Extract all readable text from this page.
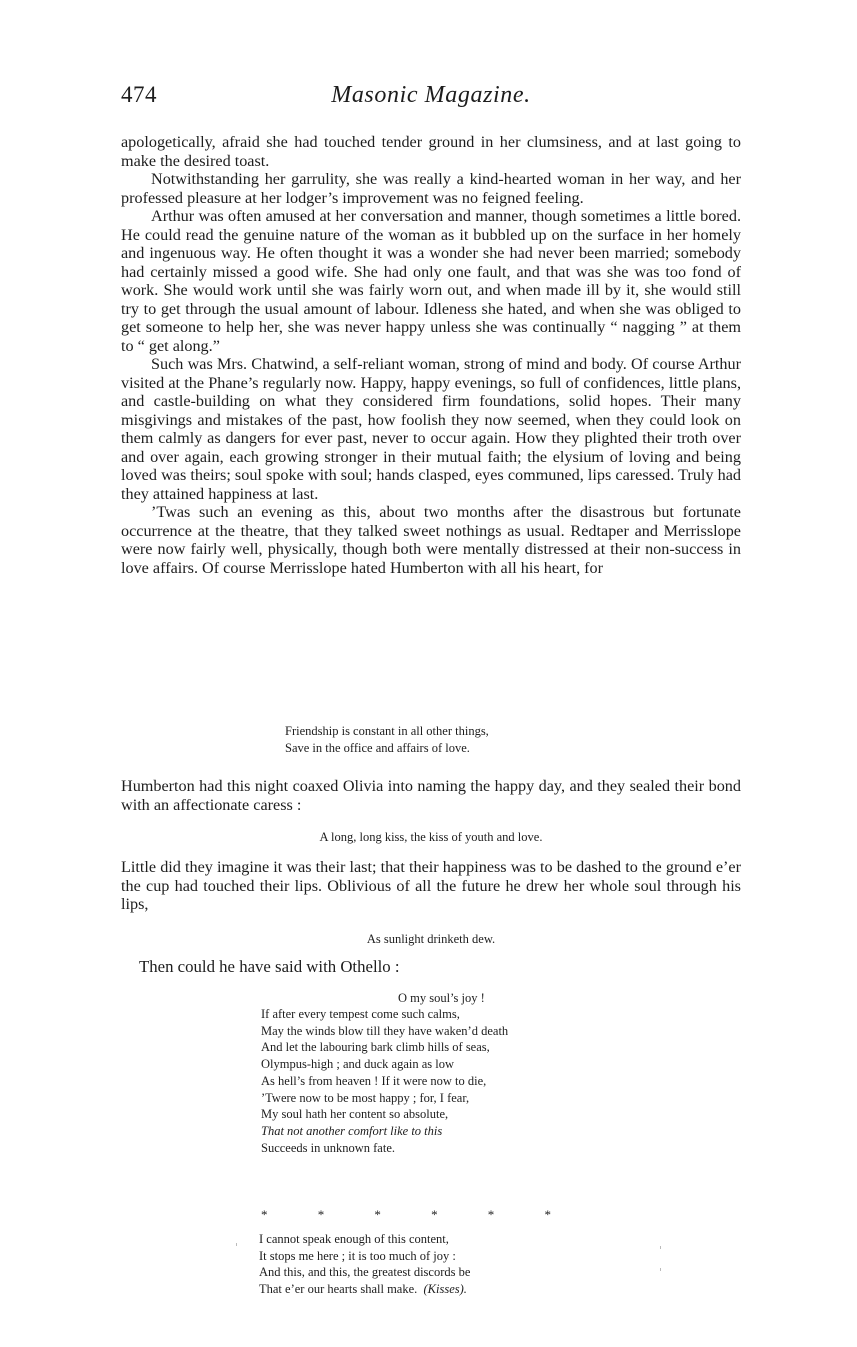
474	Masonic Magazine.

apologetically, afraid she had touched tender ground in her clumsiness, and at last going to make the desired toast.

Notwithstanding her garrulity, she was really a kind-hearted woman in her way, and her professed pleasure at her lodger’s improvement was no feigned feeling.

Arthur was often amused at her conversation and manner, though sometimes a little bored. He could read the genuine nature of the woman as it bubbled up on the surface in her homely and ingenuous way. He often thought it was a wonder she had never been married; somebody had certainly missed a good wife. She had only one fault, and that was she was too fond of work. She would work until she was fairly worn out, and when made ill by it, she would still try to get through the usual amount of labour. Idleness she hated, and when she was obliged to get someone to help her, she was never happy unless she was continually “ nagging ” at them to “ get along.”

Such was Mrs. Chatwind, a self-reliant woman, strong of mind and body. Of course Arthur visited at the Phane’s regularly now. Happy, happy evenings, so full of confidences, little plans, and castle-building on what they considered firm foundations, solid hopes. Their many misgivings and mistakes of the past, how foolish they now seemed, when they could look on them calmly as dangers for ever past, never to occur again. How they plighted their troth over and over again, each growing stronger in their mutual faith; the elysium of loving and being loved was theirs; soul spoke with soul; hands clasped, eyes communed, lips caressed. Truly had they attained happiness at last.

’Twas such an evening as this, about two months after the disastrous but fortunate occurrence at the theatre, that they talked sweet nothings as usual. Redtaper and Merrisslope were now fairly well, physically, though both were mentally distressed at their non-success in love affairs. Of course Merrisslope hated Humberton with all his heart, for

Friendship is constant in all other things,
Save in the office and affairs of love.

Humberton had this night coaxed Olivia into naming the happy day, and they sealed their bond with an affectionate caress :

A long, long kiss, the kiss of youth and love.

Little did they imagine it was their last; that their happiness was to be dashed to the ground e’er the cup had touched their lips. Oblivious of all the future he drew her whole soul through his lips,

As sunlight drinketh dew.

Then could he have said with Othello :

O my soul’s joy !
If after every tempest come such calms,
May the winds blow till they have waken’d death
And let the labouring bark climb hills of seas,
Olympus-high ; and duck again as low
As hell’s from heaven ! If it were now to die,
’Twere now to be most happy ; for, I fear,
My soul hath her content so absolute,
That not another comfort like to this
Succeeds in unknown fate.
*	*	*	*	*	*
I cannot speak enough of this content,
It stops me here ; it is too much of joy :
And this, and this, the greatest discords be
That e’er our hearts shall make. (Kisses).
